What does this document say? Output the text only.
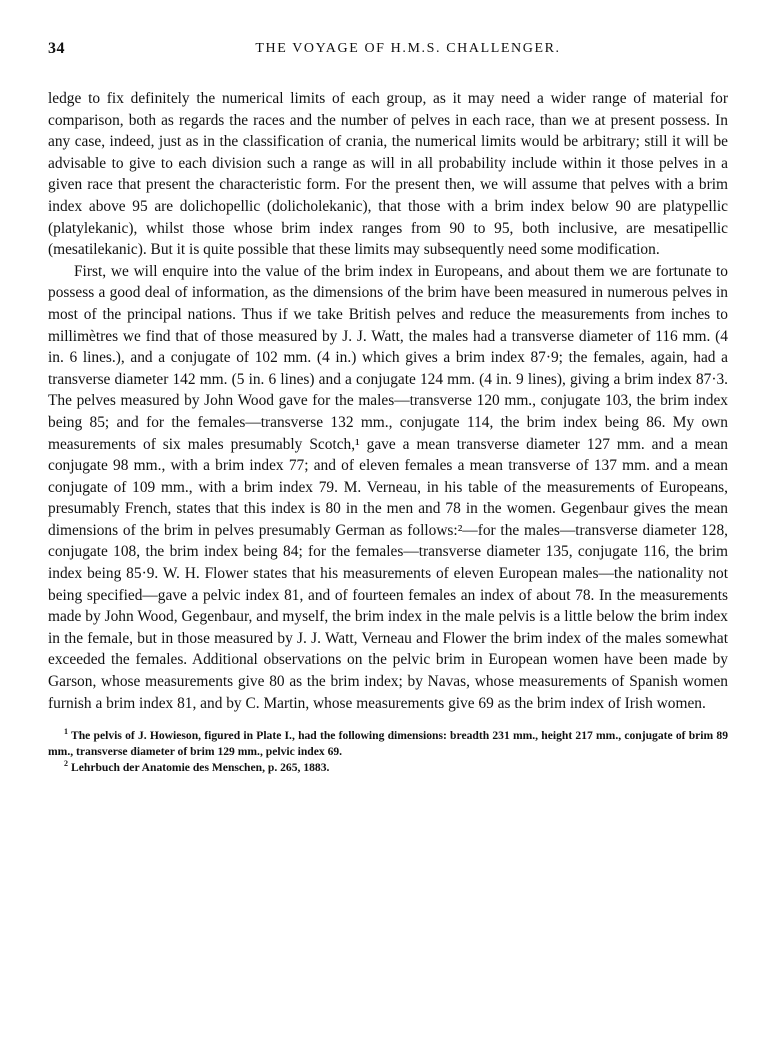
34	THE VOYAGE OF H.M.S. CHALLENGER.

ledge to fix definitely the numerical limits of each group, as it may need a wider range of material for comparison, both as regards the races and the number of pelves in each race, than we at present possess. In any case, indeed, just as in the classification of crania, the numerical limits would be arbitrary; still it will be advisable to give to each division such a range as will in all probability include within it those pelves in a given race that present the characteristic form. For the present then, we will assume that pelves with a brim index above 95 are dolichopellic (dolicholekanic), that those with a brim index below 90 are platypellic (platylekanic), whilst those whose brim index ranges from 90 to 95, both inclusive, are mesatipellic (mesatilekanic). But it is quite possible that these limits may subsequently need some modification.

First, we will enquire into the value of the brim index in Europeans, and about them we are fortunate to possess a good deal of information, as the dimensions of the brim have been measured in numerous pelves in most of the principal nations. Thus if we take British pelves and reduce the measurements from inches to millimètres we find that of those measured by J. J. Watt, the males had a transverse diameter of 116 mm. (4 in. 6 lines.), and a conjugate of 102 mm. (4 in.) which gives a brim index 87·9; the females, again, had a transverse diameter 142 mm. (5 in. 6 lines) and a conjugate 124 mm. (4 in. 9 lines), giving a brim index 87·3. The pelves measured by John Wood gave for the males—transverse 120 mm., conjugate 103, the brim index being 85; and for the females—transverse 132 mm., conjugate 114, the brim index being 86. My own measurements of six males presumably Scotch,¹ gave a mean transverse diameter 127 mm. and a mean conjugate 98 mm., with a brim index 77; and of eleven females a mean transverse of 137 mm. and a mean conjugate of 109 mm., with a brim index 79. M. Verneau, in his table of the measurements of Europeans, presumably French, states that this index is 80 in the men and 78 in the women. Gegenbaur gives the mean dimensions of the brim in pelves presumably German as follows:²—for the males—transverse diameter 128, conjugate 108, the brim index being 84; for the females—transverse diameter 135, conjugate 116, the brim index being 85·9. W. H. Flower states that his measurements of eleven European males—the nationality not being specified—gave a pelvic index 81, and of fourteen females an index of about 78. In the measurements made by John Wood, Gegenbaur, and myself, the brim index in the male pelvis is a little below the brim index in the female, but in those measured by J. J. Watt, Verneau and Flower the brim index of the males somewhat exceeded the females. Additional observations on the pelvic brim in European women have been made by Garson, whose measurements give 80 as the brim index; by Navas, whose measurements of Spanish women furnish a brim index 81, and by C. Martin, whose measurements give 69 as the brim index of Irish women.

$^1$ The pelvis of J. Howieson, figured in Plate I., had the following dimensions: breadth 231 mm., height 217 mm., conjugate of brim 89 mm., transverse diameter of brim 129 mm., pelvic index 69.

$^2$ Lehrbuch der Anatomie des Menschen, p. 265, 1883.
